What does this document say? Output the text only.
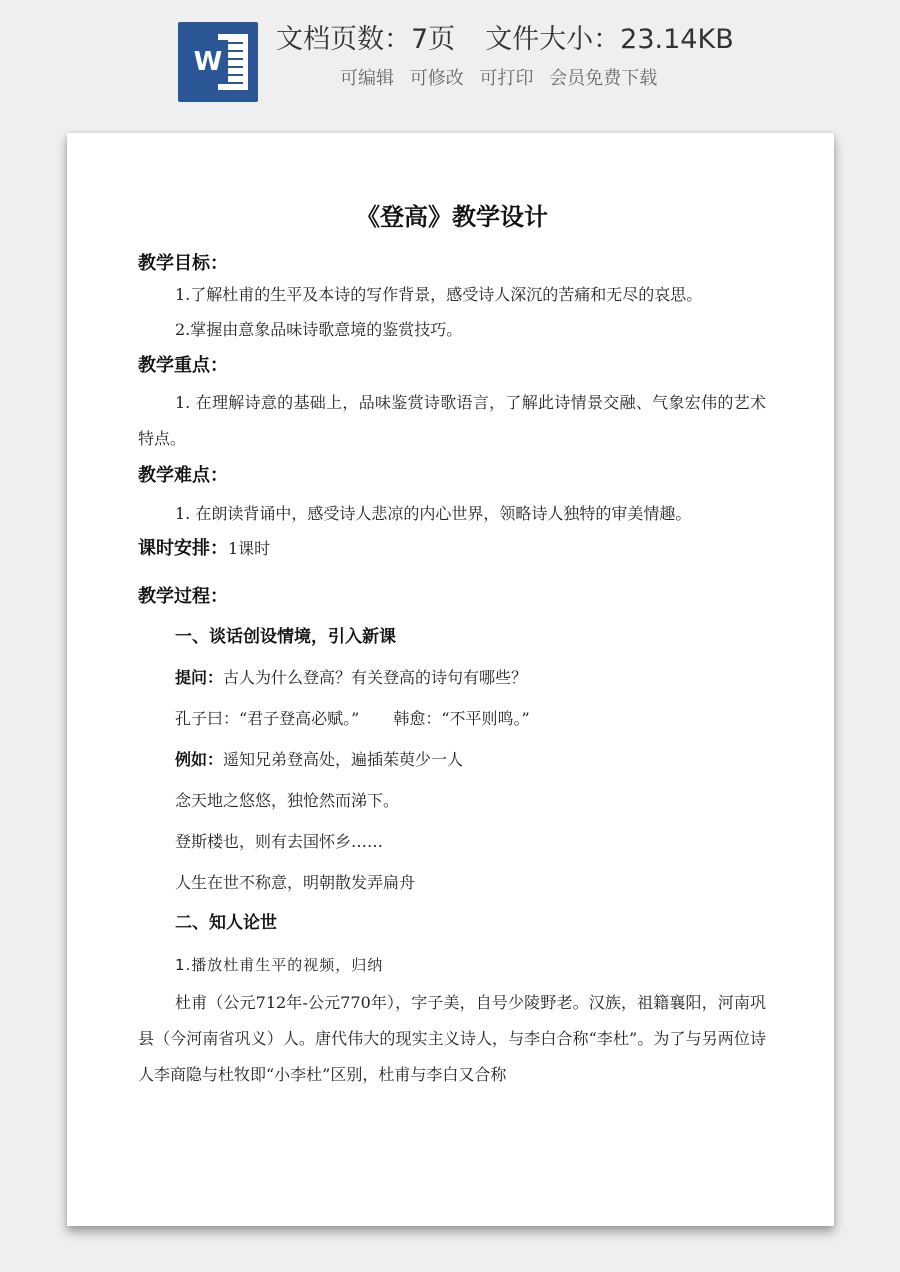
W
文档页数：7页 文件大小：23.14KB
可编辑 可修改 可打印 会员免费下载
《登高》教学设计
教学目标：
1.了解杜甫的生平及本诗的写作背景，感受诗人深沉的苦痛和无尽的哀思。
2.掌握由意象品味诗歌意境的鉴赏技巧。
教学重点：
1. 在理解诗意的基础上，品味鉴赏诗歌语言，了解此诗情景交融、气象宏伟的艺术特点。
教学难点：
1. 在朗读背诵中，感受诗人悲凉的内心世界，领略诗人独特的审美情趣。
课时安排：1课时
教学过程：
一、谈话创设情境，引入新课
提问：古人为什么登高？有关登高的诗句有哪些？
孔子曰：“君子登高必赋。” 韩愈：“不平则鸣。”
例如：遥知兄弟登高处，遍插茱萸少一人
念天地之悠悠，独怆然而涕下。
登斯楼也，则有去国怀乡……
人生在世不称意，明朝散发弄扁舟
二、知人论世
1.播放杜甫生平的视频，归纳
杜甫（公元712年-公元770年），字子美，自号少陵野老。汉族，祖籍襄阳，河南巩县（今河南省巩义）人。唐代伟大的现实主义诗人，与李白合称“李杜”。为了与另两位诗人李商隐与杜牧即“小李杜”区别，杜甫与李白又合称
